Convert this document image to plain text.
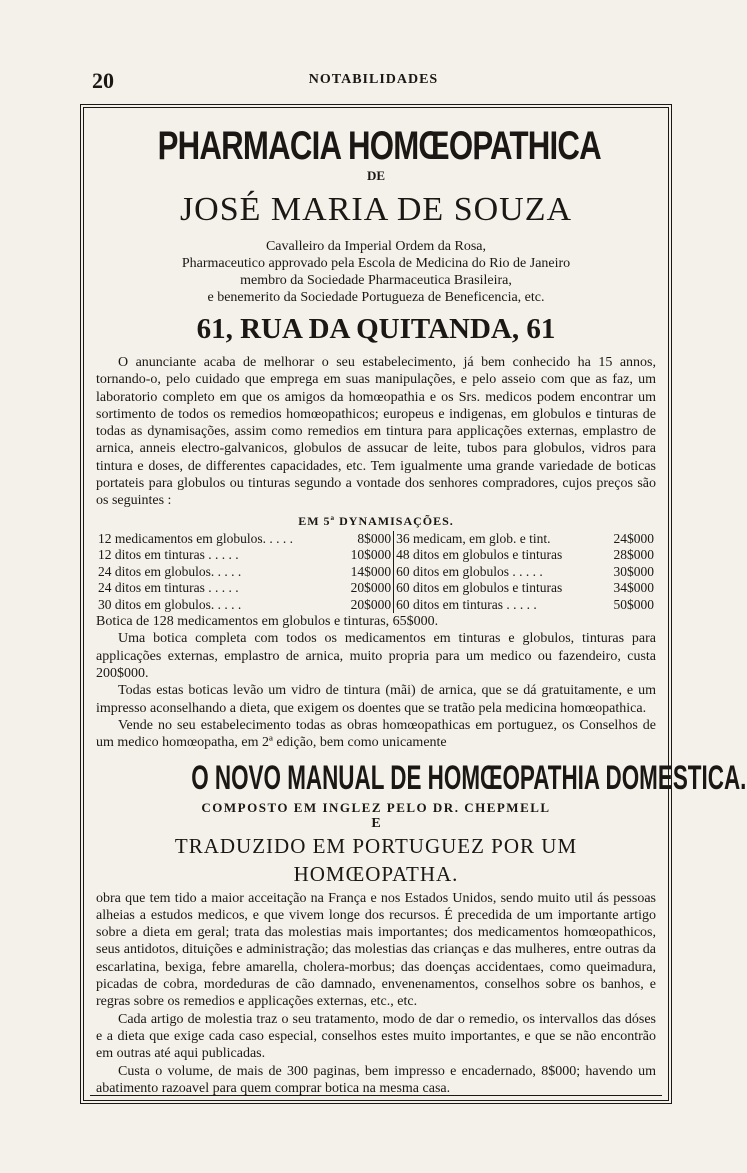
20	NOTABILIDADES
PHARMACIA HOMŒOPATHICA
DE
JOSÉ MARIA DE SOUZA
Cavalleiro da Imperial Ordem da Rosa,
Pharmaceutico approvado pela Escola de Medicina do Rio de Janeiro
membro da Sociedade Pharmaceutica Brasileira,
e benemerito da Sociedade Portugueza de Beneficencia, etc.
61, RUA DA QUITANDA, 61

O anunciante acaba de melhorar o seu estabelecimento, já bem conhecido ha 15 annos, tornando-o, pelo cuidado que emprega em suas manipulações, e pelo asseio com que as faz, um laboratorio completo em que os amigos da homœopathia e os Srs. medicos podem encontrar um sortimento de todos os remedios homœopathicos; europeus e indigenas, em globulos e tinturas de todas as dynamisações, assim como remedios em tintura para applicações externas, emplastro de arnica, anneis electro-galvanicos, globulos de assucar de leite, tubos para globulos, vidros para tintura e doses, de differentes capacidades, etc. Tem igualmente uma grande variedade de boticas portateis para globulos ou tinturas segundo a vontade dos senhores compradores, cujos preços são os seguintes :

EM 5ª DYNAMISAÇÕES.
12 medicamentos em globulos. . . . .	8$000	36 medicam, em glob. e tint.	24$000
12 ditos em tinturas . . . . .	10$000	48 ditos em globulos e tinturas	28$000
24 ditos em globulos. . . . .	14$000	60 ditos em globulos . . . . .	30$000
24 ditos em tinturas . . . . .	20$000	60 ditos em globulos e tinturas	34$000
30 ditos em globulos. . . . .	20$000	60 ditos em tinturas . . . . .	50$000

Botica de 128 medicamentos em globulos e tinturas, 65$000.

Uma botica completa com todos os medicamentos em tinturas e globulos, tinturas para applicações externas, emplastro de arnica, muito propria para um medico ou fazendeiro, custa 200$000.

Todas estas boticas levão um vidro de tintura (mãi) de arnica, que se dá gratuitamente, e um impresso aconselhando a dieta, que exigem os doentes que se tratão pela medicina homœopathica.

Vende no seu estabelecimento todas as obras homœopathicas em portuguez, os Conselhos de um medico homœopatha, em 2ª edição, bem como unicamente

O NOVO MANUAL DE HOMŒOPATHIA DOMESTICA.
COMPOSTO EM INGLEZ PELO DR. CHEPMELL
E
TRADUZIDO EM PORTUGUEZ POR UM HOMŒOPATHA.

obra que tem tido a maior acceitação na França e nos Estados Unidos, sendo muito util ás pessoas alheias a estudos medicos, e que vivem longe dos recursos. É precedida de um importante artigo sobre a dieta em geral; trata das molestias mais importantes; dos medicamentos homœopathicos, seus antidotos, dituições e administração; das molestias das crianças e das mulheres, entre outras da escarlatina, bexiga, febre amarella, cholera-morbus; das doenças accidentaes, como queimadura, picadas de cobra, mordeduras de cão damnado, envenenamentos, conselhos sobre os banhos, e regras sobre os remedios e applicações externas, etc., etc.

Cada artigo de molestia traz o seu tratamento, modo de dar o remedio, os intervallos das dóses e a dieta que exige cada caso especial, conselhos estes muito importantes, e que se não encontrão em outras até aqui publicadas.

Custa o volume, de mais de 300 paginas, bem impresso e encadernado, 8$000; havendo um abatimento razoavel para quem comprar botica na mesma casa.
